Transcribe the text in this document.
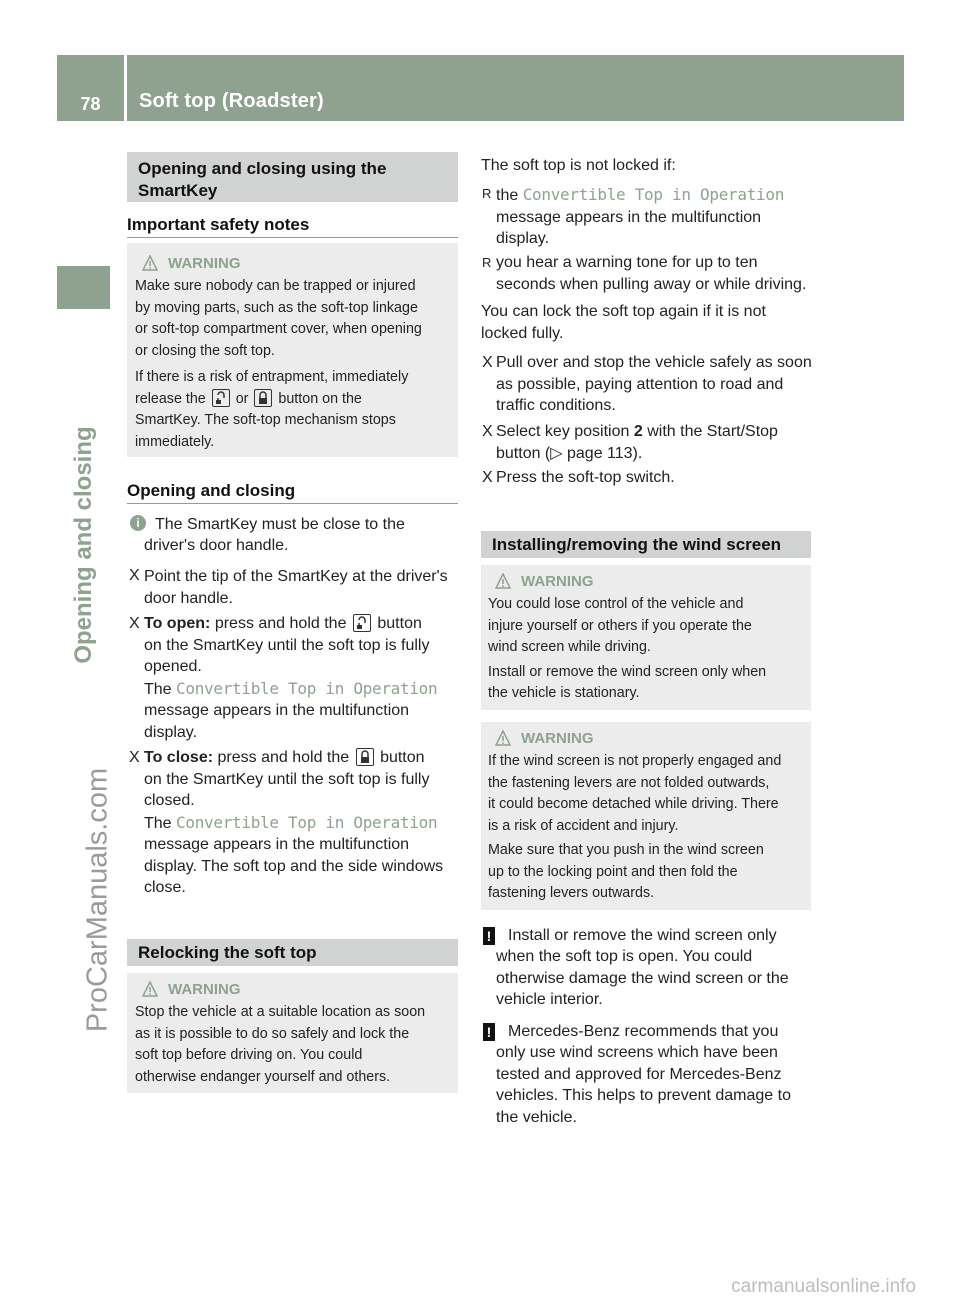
78	Soft top (Roadster)
Opening and closing
ProCarManuals.com
carmanualsonline.info
Opening and closing using the
SmartKey
Important safety notes
WARNING
Make sure nobody can be trapped or injured
by moving parts, such as the soft-top linkage
or soft-top compartment cover, when opening
or closing the soft top.
If there is a risk of entrapment, immediately
release the or button on the
SmartKey. The soft-top mechanism stops
immediately.
Opening and closing
i The SmartKey must be close to the
driver's door handle.
X Point the tip of the SmartKey at the driver's
door handle.
X To open: press and hold the button
on the SmartKey until the soft top is fully
opened.
The Convertible Top in Operation
message appears in the multifunction
display.
X To close: press and hold the button
on the SmartKey until the soft top is fully
closed.
The Convertible Top in Operation
message appears in the multifunction
display. The soft top and the side windows
close.
Relocking the soft top
WARNING
Stop the vehicle at a suitable location as soon
as it is possible to do so safely and lock the
soft top before driving on. You could
otherwise endanger yourself and others.
The soft top is not locked if:
R the Convertible Top in Operation
message appears in the multifunction
display.
R you hear a warning tone for up to ten
seconds when pulling away or while driving.
You can lock the soft top again if it is not
locked fully.
X Pull over and stop the vehicle safely as soon
as possible, paying attention to road and
traffic conditions.
X Select key position 2 with the Start/Stop
button (▷ page 113).
X Press the soft-top switch.
Installing/removing the wind screen
WARNING
You could lose control of the vehicle and
injure yourself or others if you operate the
wind screen while driving.
Install or remove the wind screen only when
the vehicle is stationary.
WARNING
If the wind screen is not properly engaged and
the fastening levers are not folded outwards,
it could become detached while driving. There
is a risk of accident and injury.
Make sure that you push in the wind screen
up to the locking point and then fold the
fastening levers outwards.
! Install or remove the wind screen only
when the soft top is open. You could
otherwise damage the wind screen or the
vehicle interior.
! Mercedes-Benz recommends that you
only use wind screens which have been
tested and approved for Mercedes-Benz
vehicles. This helps to prevent damage to
the vehicle.
